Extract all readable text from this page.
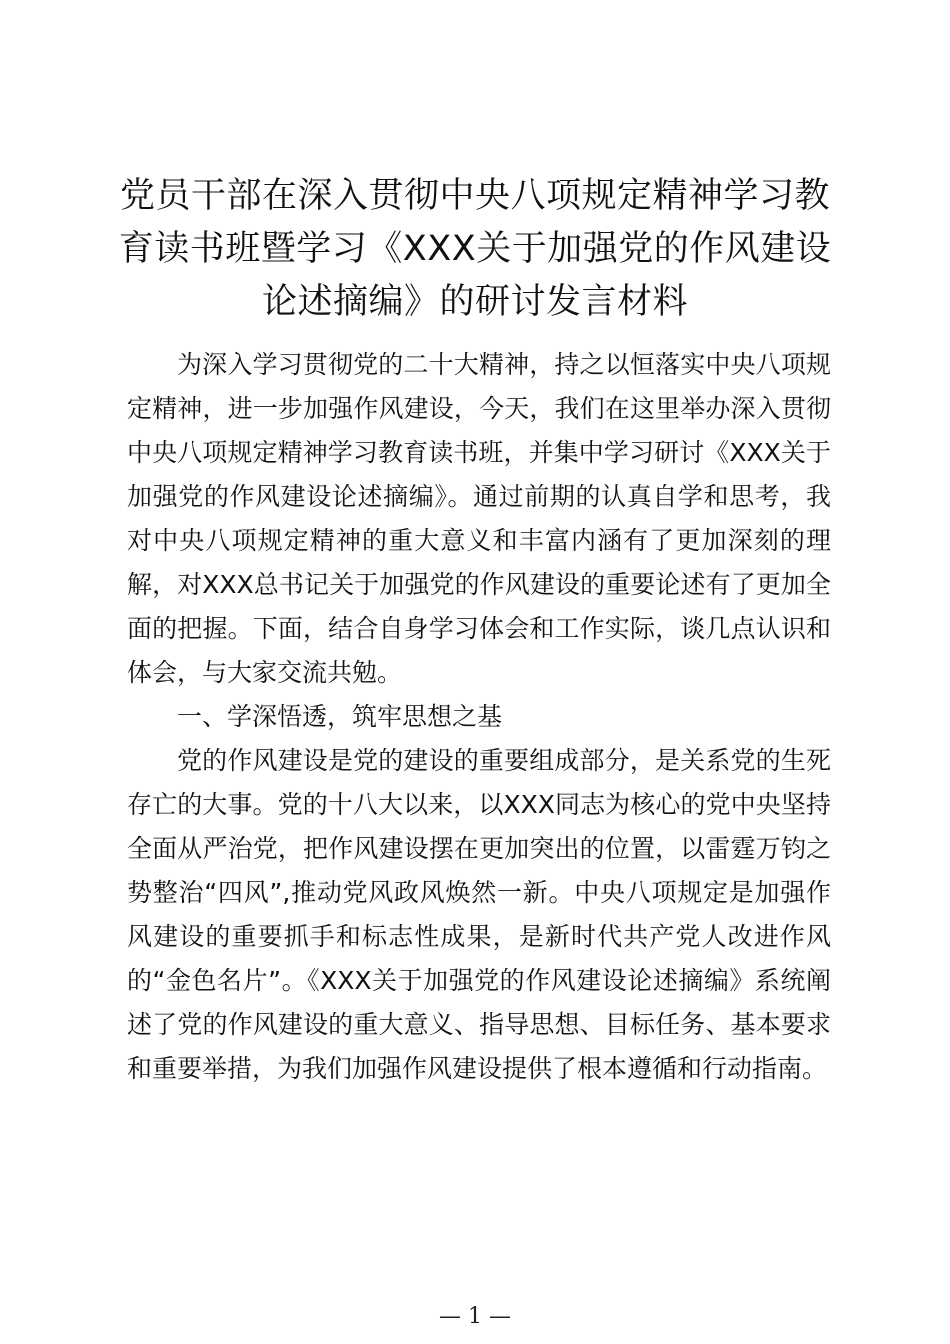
党员干部在深入贯彻中央八项规定精神学习教育读书班暨学习《XXX关于加强党的作风建设论述摘编》的研讨发言材料

为深入学习贯彻党的二十大精神，持之以恒落实中央八项规定精神，进一步加强作风建设，今天，我们在这里举办深入贯彻中央八项规定精神学习教育读书班，并集中学习研讨《XXX关于加强党的作风建设论述摘编》。通过前期的认真自学和思考，我对中央八项规定精神的重大意义和丰富内涵有了更加深刻的理解，对XXX总书记关于加强党的作风建设的重要论述有了更加全面的把握。下面，结合自身学习体会和工作实际，谈几点认识和体会，与大家交流共勉。

一、学深悟透，筑牢思想之基

党的作风建设是党的建设的重要组成部分，是关系党的生死存亡的大事。党的十八大以来，以XXX同志为核心的党中央坚持全面从严治党，把作风建设摆在更加突出的位置，以雷霆万钧之势整治“四风”,推动党风政风焕然一新。中央八项规定是加强作风建设的重要抓手和标志性成果，是新时代共产党人改进作风的“金色名片”。《XXX关于加强党的作风建设论述摘编》系统阐述了党的作风建设的重大意义、指导思想、目标任务、基本要求和重要举措，为我们加强作风建设提供了根本遵循和行动指南。

— 1 —
